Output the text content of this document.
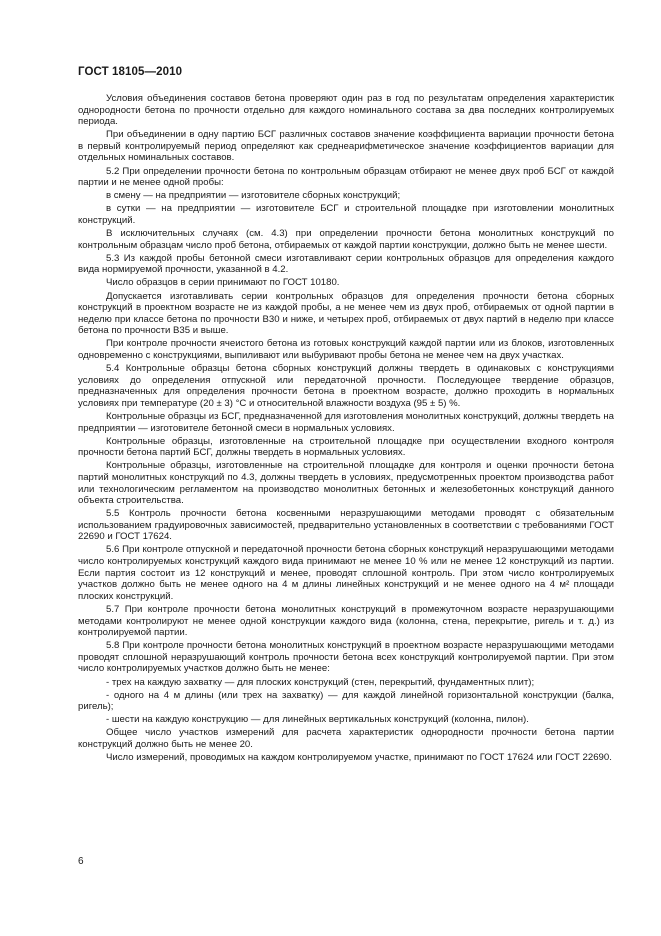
ГОСТ 18105—2010

Условия объединения составов бетона проверяют один раз в год по результатам определения характеристик однородности бетона по прочности отдельно для каждого номинального состава за два последних контролируемых периода.

При объединении в одну партию БСГ различных составов значение коэффициента вариации прочности бетона в первый контролируемый период определяют как среднеарифметическое значение коэффициентов вариации для отдельных номинальных составов.

5.2 При определении прочности бетона по контрольным образцам отбирают не менее двух проб БСГ от каждой партии и не менее одной пробы:

в смену — на предприятии — изготовителе сборных конструкций;

в сутки — на предприятии — изготовителе БСГ и строительной площадке при изготовлении монолитных конструкций.

В исключительных случаях (см. 4.3) при определении прочности бетона монолитных конструкций по контрольным образцам число проб бетона, отбираемых от каждой партии конструкции, должно быть не менее шести.

5.3 Из каждой пробы бетонной смеси изготавливают серии контрольных образцов для определения каждого вида нормируемой прочности, указанной в 4.2.

Число образцов в серии принимают по ГОСТ 10180.

Допускается изготавливать серии контрольных образцов для определения прочности бетона сборных конструкций в проектном возрасте не из каждой пробы, а не менее чем из двух проб, отбираемых от одной партии в неделю при классе бетона по прочности В30 и ниже, и четырех проб, отбираемых от двух партий в неделю при классе бетона по прочности В35 и выше.

При контроле прочности ячеистого бетона из готовых конструкций каждой партии или из блоков, изготовленных одновременно с конструкциями, выпиливают или выбуривают пробы бетона не менее чем на двух участках.

5.4 Контрольные образцы бетона сборных конструкций должны твердеть в одинаковых с конструкциями условиях до определения отпускной или передаточной прочности. Последующее твердение образцов, предназначенных для определения прочности бетона в проектном возрасте, должно проходить в нормальных условиях при температуре (20 ± 3) °С и относительной влажности воздуха (95 ± 5) %.

Контрольные образцы из БСГ, предназначенной для изготовления монолитных конструкций, должны твердеть на предприятии — изготовителе бетонной смеси в нормальных условиях.

Контрольные образцы, изготовленные на строительной площадке при осуществлении входного контроля прочности бетона партий БСГ, должны твердеть в нормальных условиях.

Контрольные образцы, изготовленные на строительной площадке для контроля и оценки прочности бетона партий монолитных конструкций по 4.3, должны твердеть в условиях, предусмотренных проектом производства работ или технологическим регламентом на производство монолитных бетонных и железобетонных конструкций данного объекта строительства.

5.5 Контроль прочности бетона косвенными неразрушающими методами проводят с обязательным использованием градуировочных зависимостей, предварительно установленных в соответствии с требованиями ГОСТ 22690 и ГОСТ 17624.

5.6 При контроле отпускной и передаточной прочности бетона сборных конструкций неразрушающими методами число контролируемых конструкций каждого вида принимают не менее 10 % или не менее 12 конструкций из партии. Если партия состоит из 12 конструкций и менее, проводят сплошной контроль. При этом число контролируемых участков должно быть не менее одного на 4 м длины линейных конструкций и не менее одного на 4 м² площади плоских конструкций.

5.7 При контроле прочности бетона монолитных конструкций в промежуточном возрасте неразрушающими методами контролируют не менее одной конструкции каждого вида (колонна, стена, перекрытие, ригель и т. д.) из контролируемой партии.

5.8 При контроле прочности бетона монолитных конструкций в проектном возрасте неразрушающими методами проводят сплошной неразрушающий контроль прочности бетона всех конструкций контролируемой партии. При этом число контролируемых участков должно быть не менее:

- трех на каждую захватку — для плоских конструкций (стен, перекрытий, фундаментных плит);

- одного на 4 м длины (или трех на захватку) — для каждой линейной горизонтальной конструкции (балка, ригель);

- шести на каждую конструкцию — для линейных вертикальных конструкций (колонна, пилон).

Общее число участков измерений для расчета характеристик однородности прочности бетона партии конструкций должно быть не менее 20.

Число измерений, проводимых на каждом контролируемом участке, принимают по ГОСТ 17624 или ГОСТ 22690.

6
